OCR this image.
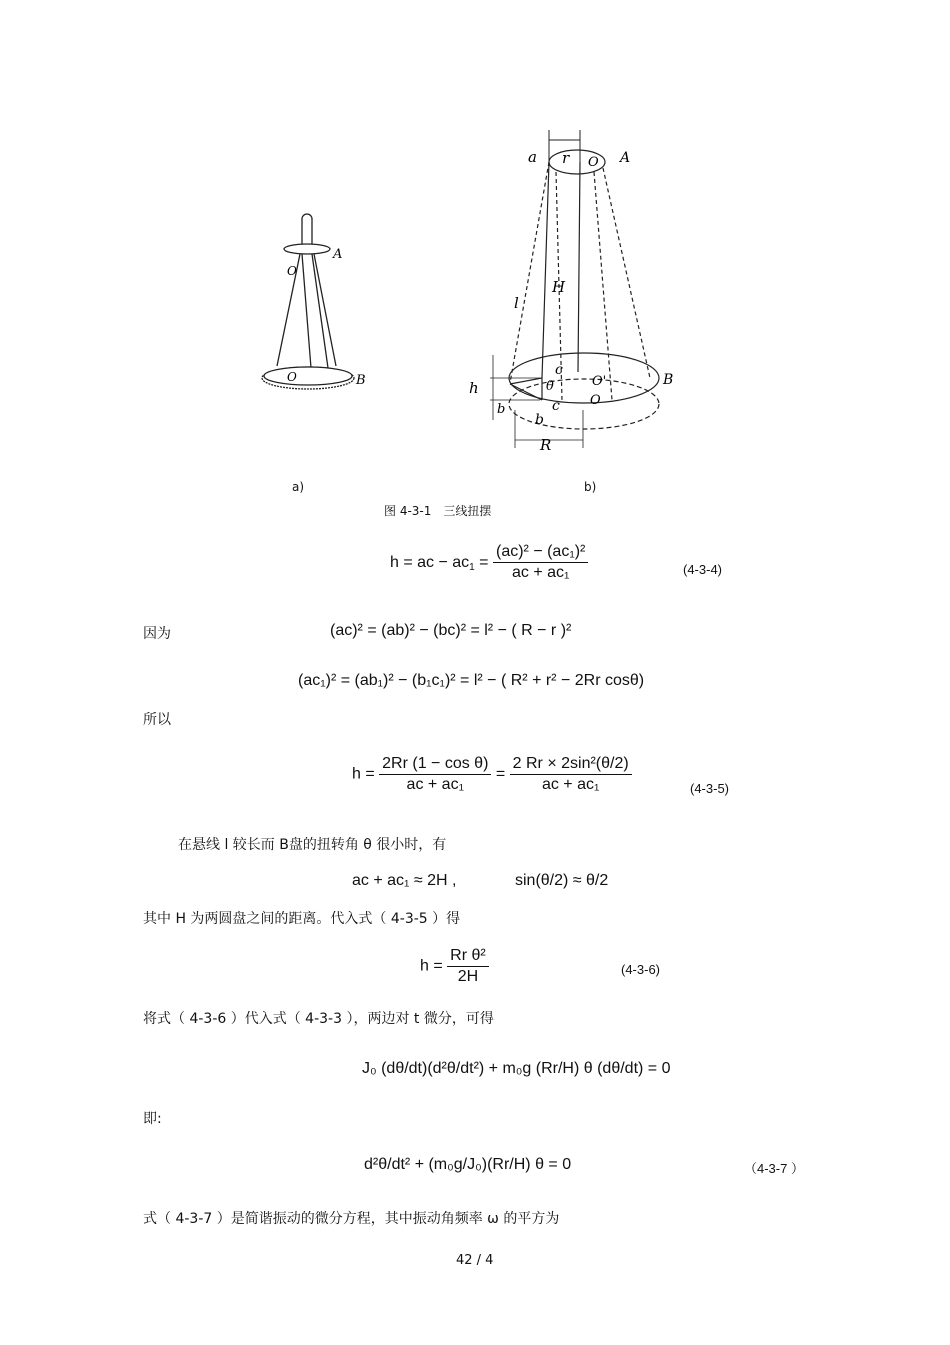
A
O
O	B
a r O A
H
l
h
b
c
θ
c
b
O'
O
B
R
a)	b)
图 4-3-1　三线扭摆
h = ac − $ac_1 = \frac{\text{(ac)² − (ac₁)²}}{\text{ac + ac₁}}$	(4-3-4)
因为	(ac)² = (ab)² − (bc)² = l² − ( R − r )²
(ac₁)² = (ab₁)² − (b₁c₁)² = l² − ( R² + r² − 2Rr cosθ)
所以
$h = \frac{\text{2Rr (1 − cos θ)}}{\text{ac + ac₁}} = \frac{\text{2 Rr × 2sin²(θ/2)}}{\text{ac + ac₁}}$	(4-3-5)
在悬线 l 较长而 B盘的扭转角 θ 很小时，有
ac + ac₁ ≈ 2H ,	sin(θ/2) ≈ θ/2
其中 H 为两圆盘之间的距离。代入式（ 4-3-5 ）得
$h = \frac{\text{Rr θ²}}{2H}$	(4-3-6)
将式（ 4-3-6 ）代入式（ 4-3-3 ），两边对 t 微分，可得
J₀ (dθ/dt)(d²θ/dt²) + m₀g (Rr/H) θ (dθ/dt) = 0
即:
d²θ/dt² + (m₀g/J₀)(Rr/H) θ = 0	（4-3-7 ）
式（ 4-3-7 ）是简谐振动的微分方程，其中振动角频率 ω 的平方为
42 / 4
